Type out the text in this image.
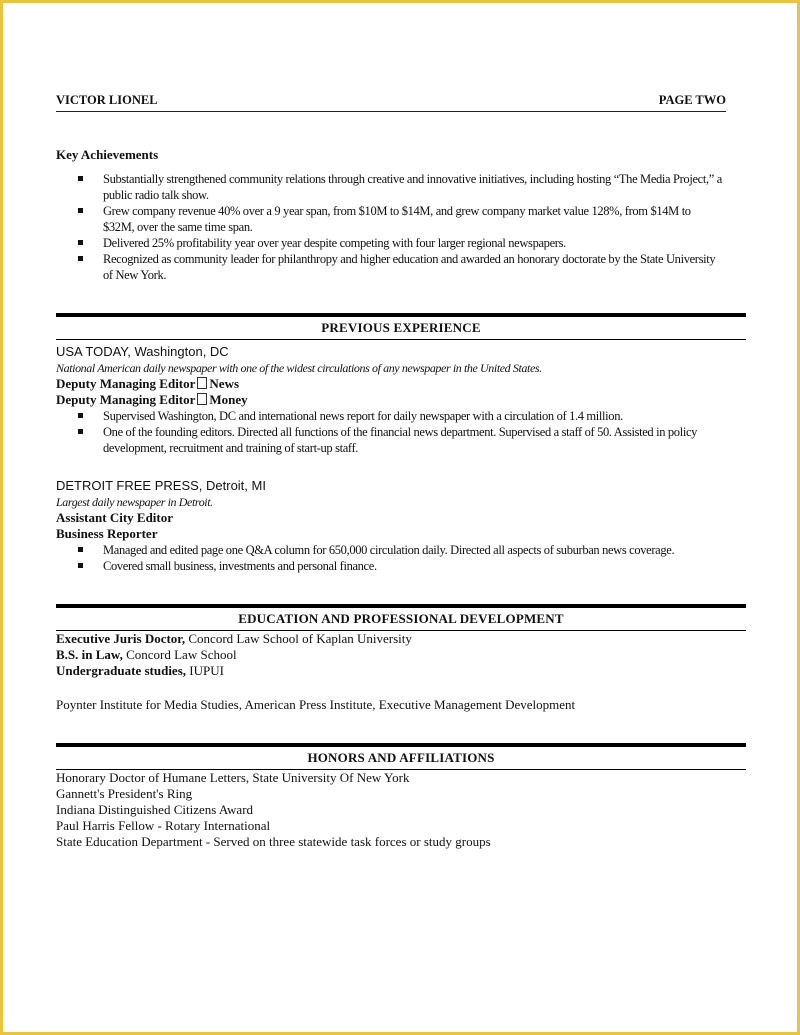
VICTOR LIONEL	PAGE TWO
Key Achievements
Substantially strengthened community relations through creative and innovative initiatives, including hosting “The Media Project,” a public radio talk show.
Grew company revenue 40% over a 9 year span, from $10M to $14M, and grew company market value 128%, from $14M to $32M, over the same time span.
Delivered 25% profitability year over year despite competing with four larger regional newspapers.
Recognized as community leader for philanthropy and higher education and awarded an honorary doctorate by the State University of New York.
PREVIOUS EXPERIENCE
USA TODAY, Washington, DC
National American daily newspaper with one of the widest circulations of any newspaper in the United States.
Deputy Managing Editor News
Deputy Managing Editor Money
Supervised Washington, DC and international news report for daily newspaper with a circulation of 1.4 million.
One of the founding editors. Directed all functions of the financial news department. Supervised a staff of 50. Assisted in policy development, recruitment and training of start-up staff.
DETROIT FREE PRESS, Detroit, MI
Largest daily newspaper in Detroit.
Assistant City Editor
Business Reporter
Managed and edited page one Q&A column for 650,000 circulation daily. Directed all aspects of suburban news coverage.
Covered small business, investments and personal finance.
EDUCATION AND PROFESSIONAL DEVELOPMENT
Executive Juris Doctor, Concord Law School of Kaplan University
B.S. in Law, Concord Law School
Undergraduate studies, IUPUI
Poynter Institute for Media Studies, American Press Institute, Executive Management Development
HONORS AND AFFILIATIONS
Honorary Doctor of Humane Letters, State University Of New York
Gannett's President's Ring
Indiana Distinguished Citizens Award
Paul Harris Fellow - Rotary International
State Education Department - Served on three statewide task forces or study groups
